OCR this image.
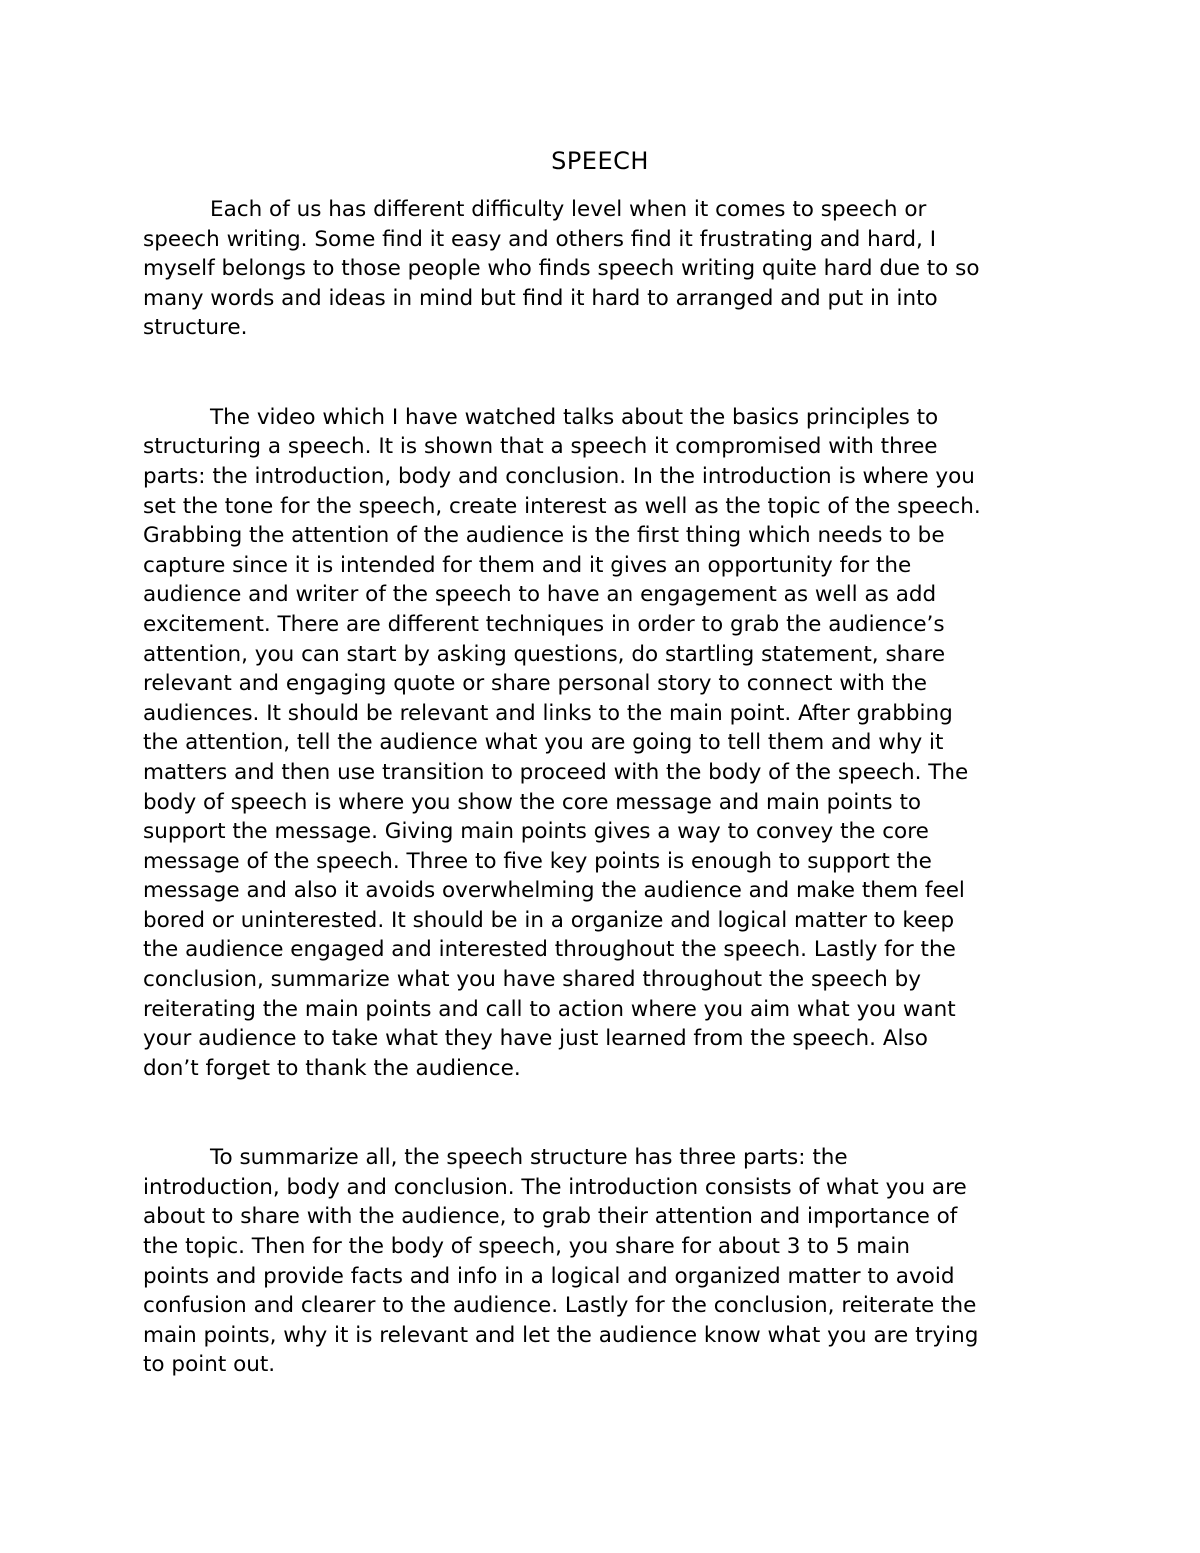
SPEECH
Each of us has different difficulty level when it comes to speech or
speech writing. Some find it easy and others find it frustrating and hard, I
myself belongs to those people who finds speech writing quite hard due to so
many words and ideas in mind but find it hard to arranged and put in into
structure.
The video which I have watched talks about the basics principles to
structuring a speech. It is shown that a speech it compromised with three
parts: the introduction, body and conclusion. In the introduction is where you
set the tone for the speech, create interest as well as the topic of the speech.
Grabbing the attention of the audience is the first thing which needs to be
capture since it is intended for them and it gives an opportunity for the
audience and writer of the speech to have an engagement as well as add
excitement. There are different techniques in order to grab the audience’s
attention, you can start by asking questions, do startling statement, share
relevant and engaging quote or share personal story to connect with the
audiences. It should be relevant and links to the main point. After grabbing
the attention, tell the audience what you are going to tell them and why it
matters and then use transition to proceed with the body of the speech. The
body of speech is where you show the core message and main points to
support the message. Giving main points gives a way to convey the core
message of the speech. Three to five key points is enough to support the
message and also it avoids overwhelming the audience and make them feel
bored or uninterested. It should be in a organize and logical matter to keep
the audience engaged and interested throughout the speech. Lastly for the
conclusion, summarize what you have shared throughout the speech by
reiterating the main points and call to action where you aim what you want
your audience to take what they have just learned from the speech. Also
don’t forget to thank the audience.
To summarize all, the speech structure has three parts: the
introduction, body and conclusion. The introduction consists of what you are
about to share with the audience, to grab their attention and importance of
the topic. Then for the body of speech, you share for about 3 to 5 main
points and provide facts and info in a logical and organized matter to avoid
confusion and clearer to the audience. Lastly for the conclusion, reiterate the
main points, why it is relevant and let the audience know what you are trying
to point out.
